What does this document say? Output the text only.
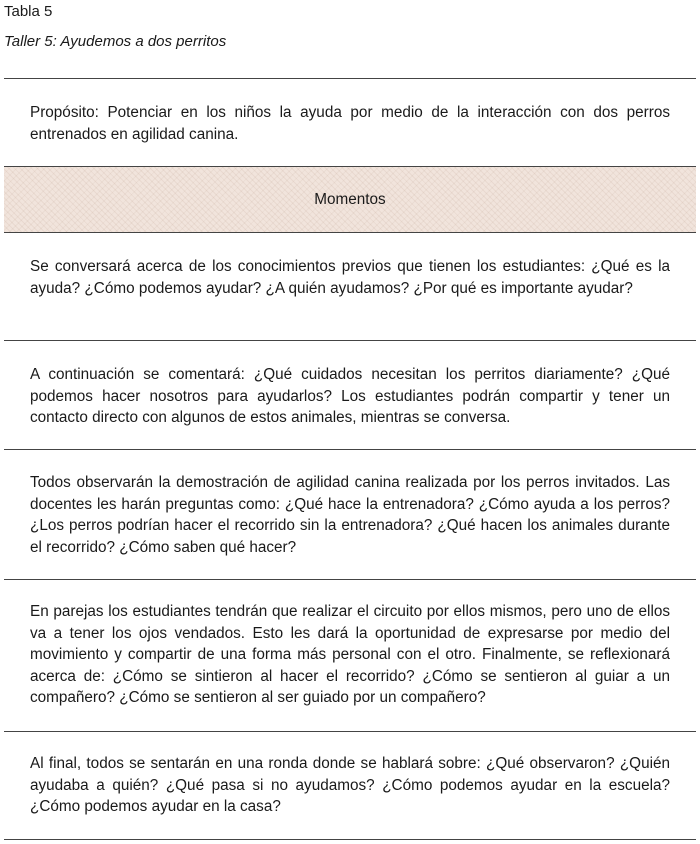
Tabla 5
Taller 5: Ayudemos a dos perritos
Propósito: Potenciar en los niños la ayuda por medio de la interacción con dos perros entrenados en agilidad canina.
Momentos
Se conversará acerca de los conocimientos previos que tienen los estudiantes: ¿Qué es la ayuda? ¿Cómo podemos ayudar? ¿A quién ayudamos? ¿Por qué es importante ayudar?
A continuación se comentará: ¿Qué cuidados necesitan los perritos diariamente? ¿Qué podemos hacer nosotros para ayudarlos? Los estudiantes podrán compartir y tener un contacto directo con algunos de estos animales, mientras se conversa.
Todos observarán la demostración de agilidad canina realizada por los perros invitados. Las docentes les harán preguntas como: ¿Qué hace la entrenadora? ¿Cómo ayuda a los perros? ¿Los perros podrían hacer el recorrido sin la entrenadora? ¿Qué hacen los animales durante el recorrido? ¿Cómo saben qué hacer?
En parejas los estudiantes tendrán que realizar el circuito por ellos mismos, pero uno de ellos va a tener los ojos vendados. Esto les dará la oportunidad de expresarse por medio del movimiento y compartir de una forma más personal con el otro. Finalmente, se reflexionará acerca de: ¿Cómo se sintieron al hacer el recorrido? ¿Cómo se sentieron al guiar a un compañero? ¿Cómo se sentieron al ser guiado por un compañero?
Al final, todos se sentarán en una ronda donde se hablará sobre: ¿Qué observaron? ¿Quién ayudaba a quién? ¿Qué pasa si no ayudamos? ¿Cómo podemos ayudar en la escuela? ¿Cómo podemos ayudar en la casa?
